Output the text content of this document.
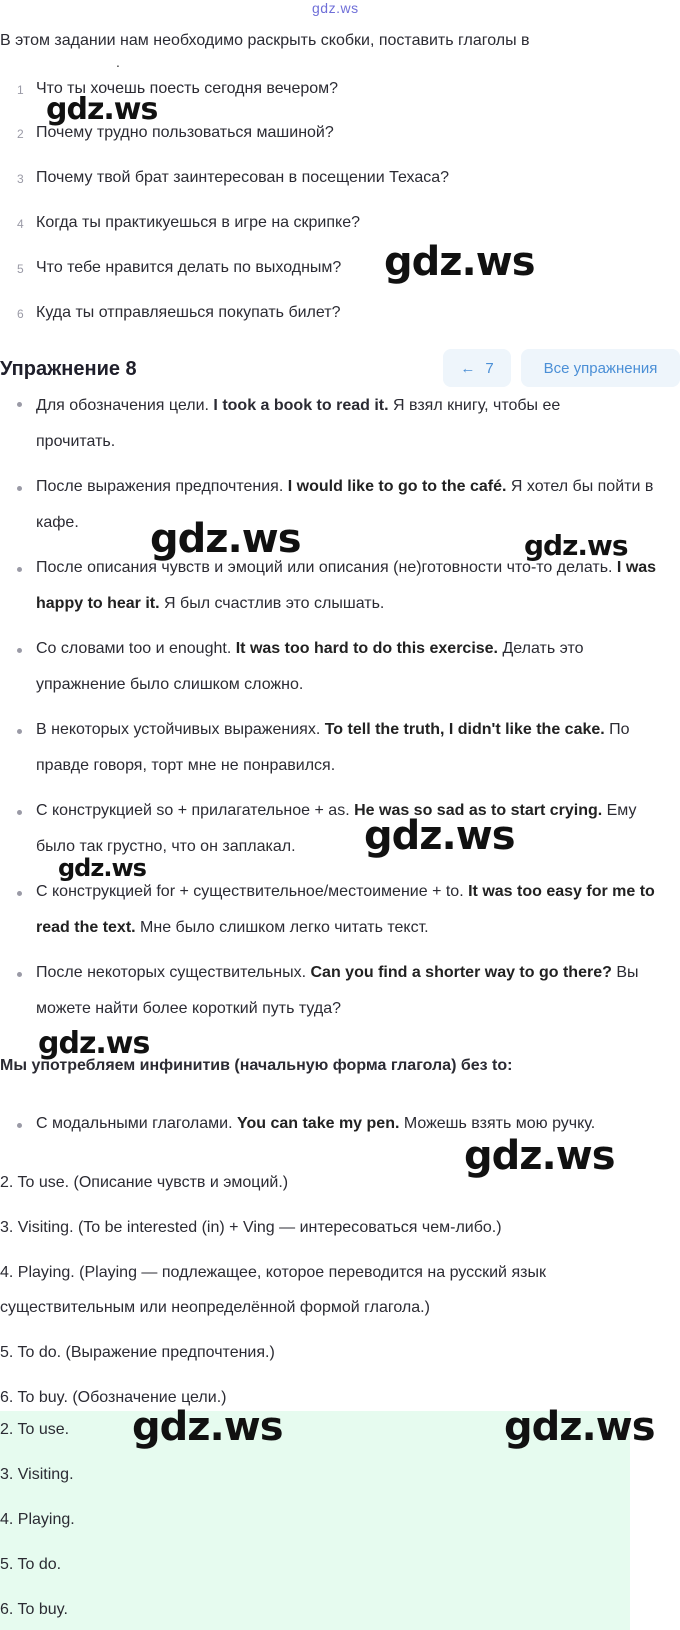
gdz.ws
В этом задании нам необходимо раскрыть скобки, поставить глаголы в
.
1 Что ты хочешь поесть сегодня вечером?
2 Почему трудно пользоваться машиной?
3 Почему твой брат заинтересован в посещении Техаса?
4 Когда ты практикуешься в игре на скрипке?
5 Что тебе нравится делать по выходным?
6 Куда ты отправляешься покупать билет?
Упражнение 8	← 7	Все упражнения
Для обозначения цели. I took a book to read it. Я взял книгу, чтобы ее
прочитать.
После выражения предпочтения. I would like to go to the café. Я хотел бы пойти в кафе.
После описания чувств и эмоций или описания (не)готовности что-то делать. I was happy to hear it. Я был счастлив это слышать.
Со словами too и enought. It was too hard to do this exercise. Делать это упражнение было слишком сложно.
В некоторых устойчивых выражениях. To tell the truth, I didn't like the cake. По правде говоря, торт мне не понравился.
С конструкцией so + прилагательное + as. He was so sad as to start crying. Ему было так грустно, что он заплакал.
С конструкцией for + существительное/местоимение + to. It was too easy for me to read the text. Мне было слишком легко читать текст.
После некоторых существительных. Can you find a shorter way to go there? Вы можете найти более короткий путь туда?
Мы употребляем инфинитив (начальную форма глагола) без to:
С модальными глаголами. You can take my pen. Можешь взять мою ручку.
2. To use. (Описание чувств и эмоций.)
3. Visiting. (To be interested (in) + Ving — интересоваться чем-либо.)
4. Playing. (Playing — подлежащее, которое переводится на русский язык
существительным или неопределённой формой глагола.)
5. To do. (Выражение предпочтения.)
6. To buy. (Обозначение цели.)
2. To use.
3. Visiting.
4. Playing.
5. To do.
6. To buy.
gdz.ws
gdz.ws
gdz.ws	gdz.ws
gdz.ws
gdz.ws
gdz.ws
gdz.ws
gdz.ws	gdz.ws
